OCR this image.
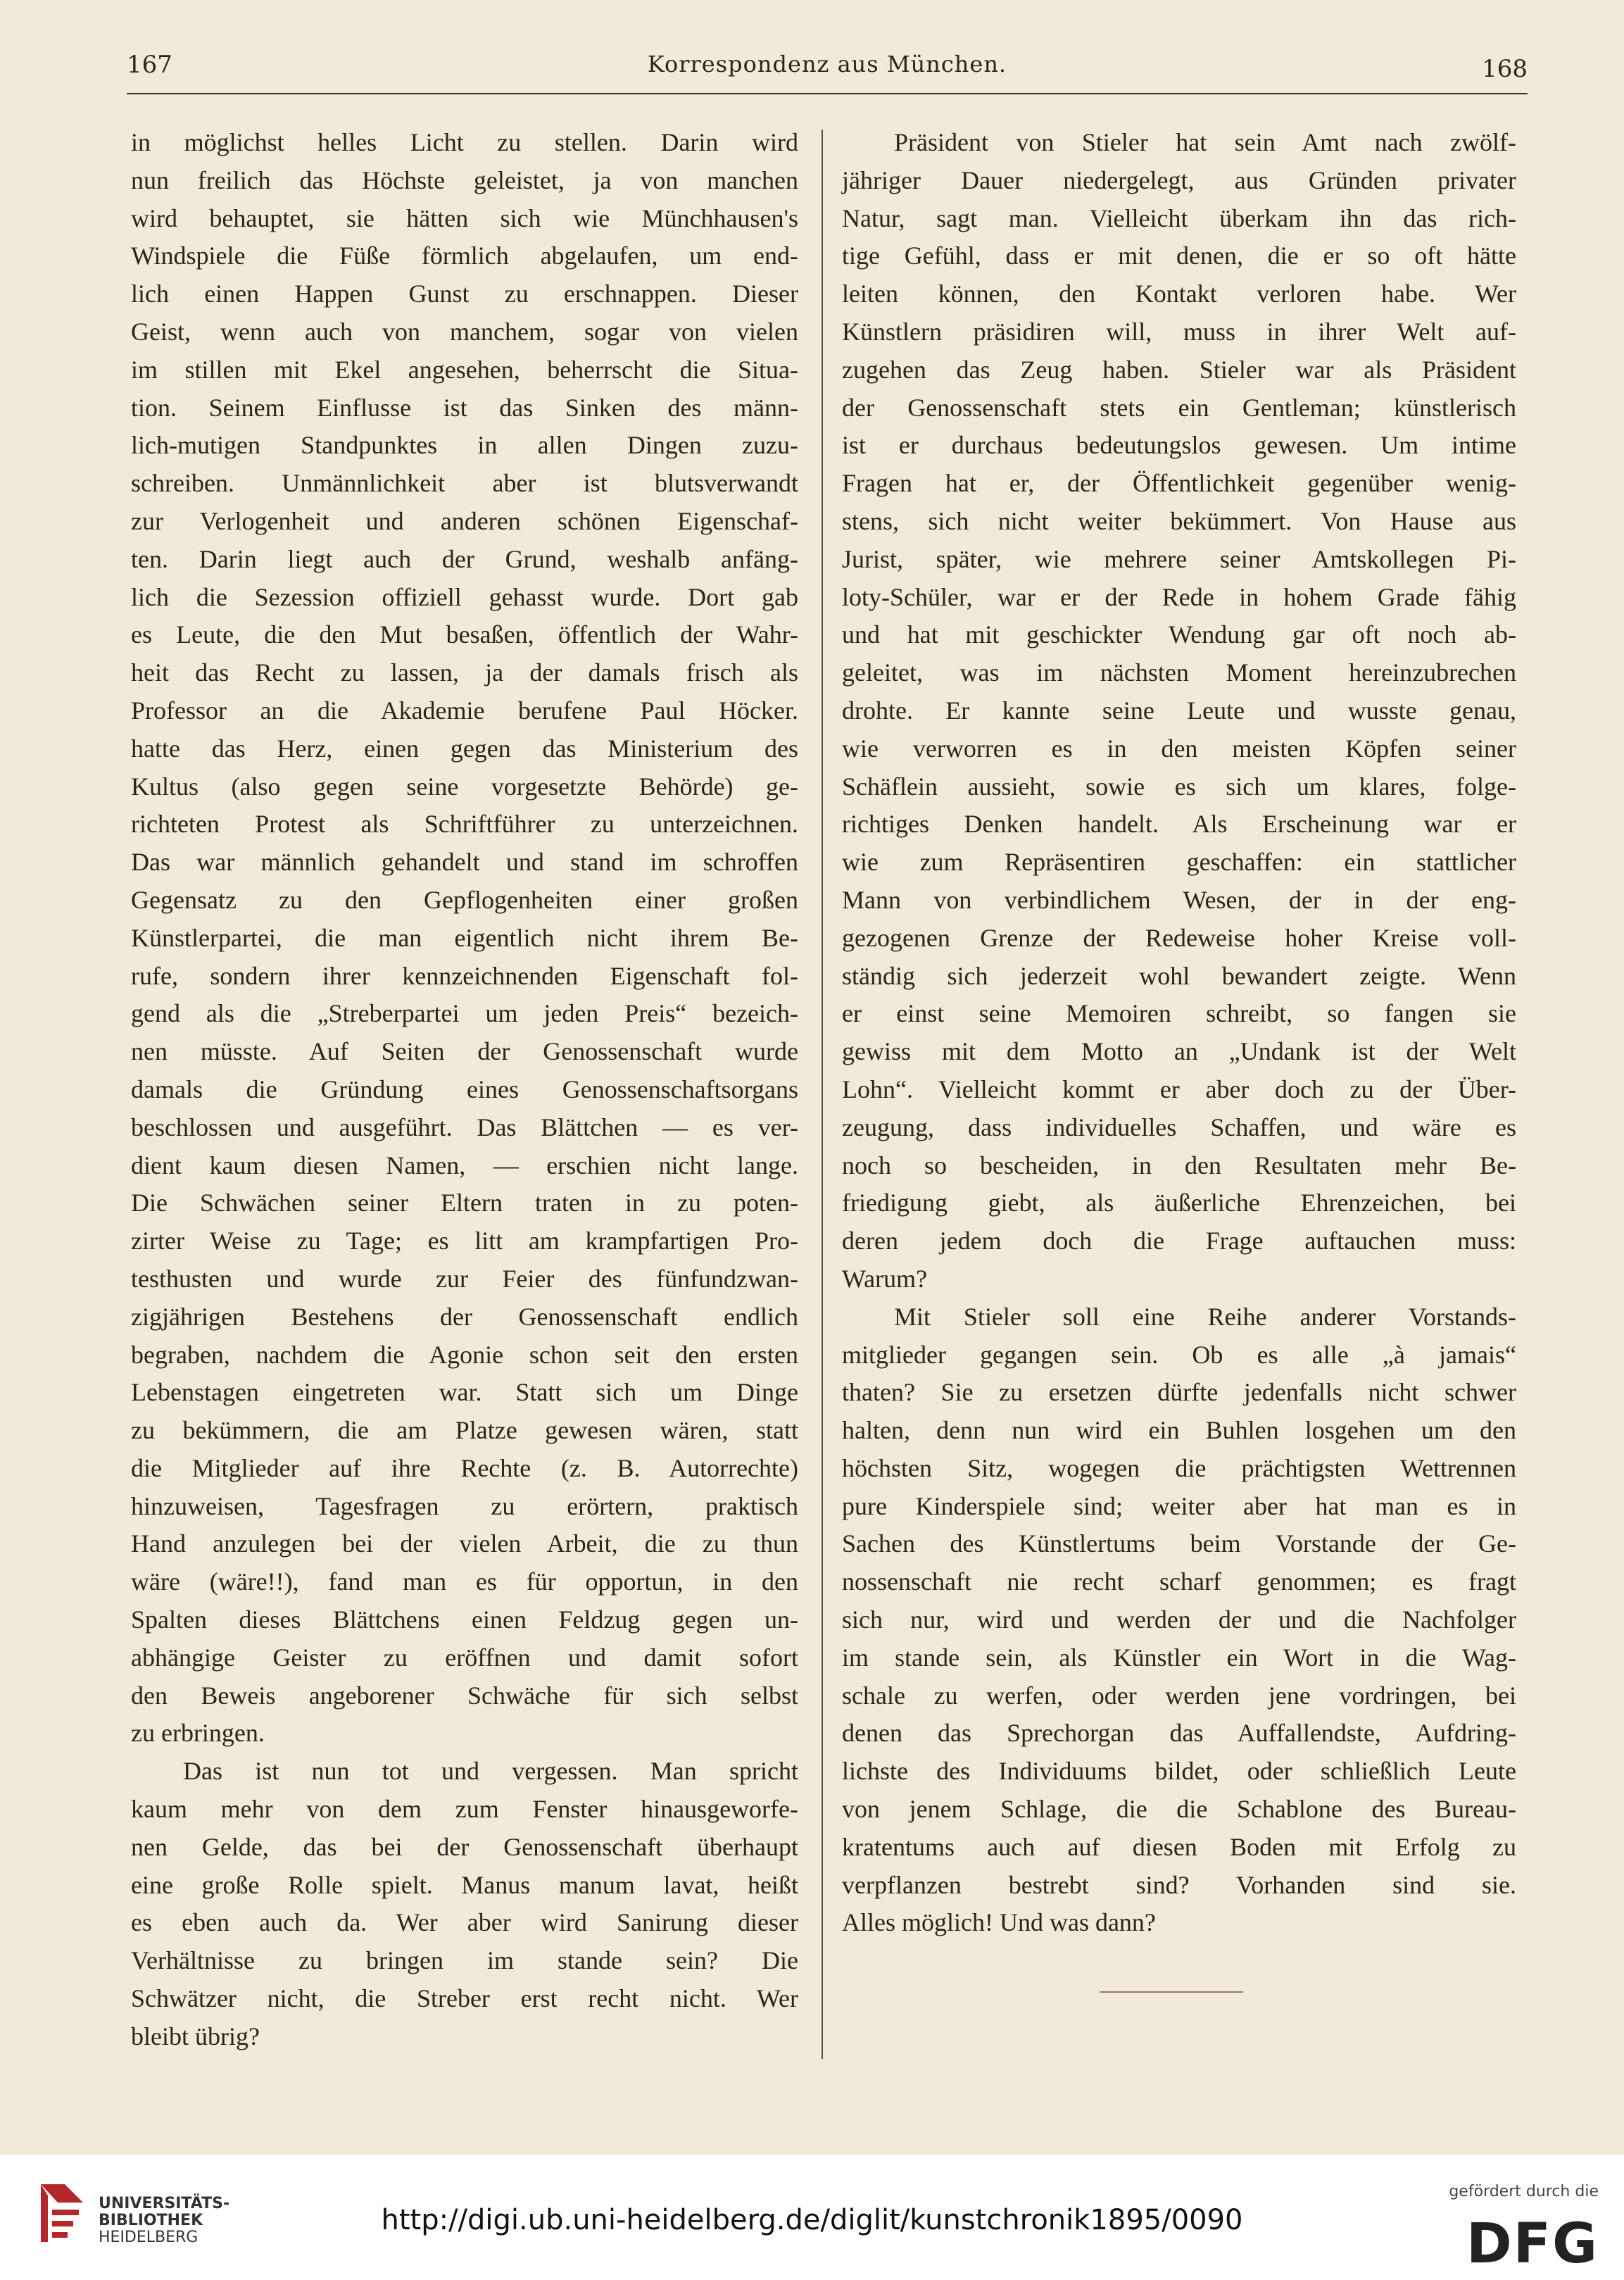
167	Korrespondenz aus München.	168
in möglichst helles Licht zu stellen. Darin wird
nun freilich das Höchste geleistet, ja von manchen
wird behauptet, sie hätten sich wie Münchhausen's
Windspiele die Füße förmlich abgelaufen, um end-
lich einen Happen Gunst zu erschnappen. Dieser
Geist, wenn auch von manchem, sogar von vielen
im stillen mit Ekel angesehen, beherrscht die Situa-
tion. Seinem Einflusse ist das Sinken des männ-
lich-mutigen Standpunktes in allen Dingen zuzu-
schreiben. Unmännlichkeit aber ist blutsverwandt
zur Verlogenheit und anderen schönen Eigenschaf-
ten. Darin liegt auch der Grund, weshalb anfäng-
lich die Sezession offiziell gehasst wurde. Dort gab
es Leute, die den Mut besaßen, öffentlich der Wahr-
heit das Recht zu lassen, ja der damals frisch als
Professor an die Akademie berufene Paul Höcker.
hatte das Herz, einen gegen das Ministerium des
Kultus (also gegen seine vorgesetzte Behörde) ge-
richteten Protest als Schriftführer zu unterzeichnen.
Das war männlich gehandelt und stand im schroffen
Gegensatz zu den Gepflogenheiten einer großen
Künstlerpartei, die man eigentlich nicht ihrem Be-
rufe, sondern ihrer kennzeichnenden Eigenschaft fol-
gend als die „Streberpartei um jeden Preis“ bezeich-
nen müsste. Auf Seiten der Genossenschaft wurde
damals die Gründung eines Genossenschaftsorgans
beschlossen und ausgeführt. Das Blättchen — es ver-
dient kaum diesen Namen, — erschien nicht lange.
Die Schwächen seiner Eltern traten in zu poten-
zirter Weise zu Tage; es litt am krampfartigen Pro-
testhusten und wurde zur Feier des fünfundzwan-
zigjährigen Bestehens der Genossenschaft endlich
begraben, nachdem die Agonie schon seit den ersten
Lebenstagen eingetreten war. Statt sich um Dinge
zu bekümmern, die am Platze gewesen wären, statt
die Mitglieder auf ihre Rechte (z. B. Autorrechte)
hinzuweisen, Tagesfragen zu erörtern, praktisch
Hand anzulegen bei der vielen Arbeit, die zu thun
wäre (wäre!!), fand man es für opportun, in den
Spalten dieses Blättchens einen Feldzug gegen un-
abhängige Geister zu eröffnen und damit sofort
den Beweis angeborener Schwäche für sich selbst
zu erbringen.
Das ist nun tot und vergessen. Man spricht
kaum mehr von dem zum Fenster hinausgeworfe-
nen Gelde, das bei der Genossenschaft überhaupt
eine große Rolle spielt. Manus manum lavat, heißt
es eben auch da. Wer aber wird Sanirung dieser
Verhältnisse zu bringen im stande sein? Die
Schwätzer nicht, die Streber erst recht nicht. Wer
bleibt übrig?
Präsident von Stieler hat sein Amt nach zwölf-
jähriger Dauer niedergelegt, aus Gründen privater
Natur, sagt man. Vielleicht überkam ihn das rich-
tige Gefühl, dass er mit denen, die er so oft hätte
leiten können, den Kontakt verloren habe. Wer
Künstlern präsidiren will, muss in ihrer Welt auf-
zugehen das Zeug haben. Stieler war als Präsident
der Genossenschaft stets ein Gentleman; künstlerisch
ist er durchaus bedeutungslos gewesen. Um intime
Fragen hat er, der Öffentlichkeit gegenüber wenig-
stens, sich nicht weiter bekümmert. Von Hause aus
Jurist, später, wie mehrere seiner Amtskollegen Pi-
loty-Schüler, war er der Rede in hohem Grade fähig
und hat mit geschickter Wendung gar oft noch ab-
geleitet, was im nächsten Moment hereinzubrechen
drohte. Er kannte seine Leute und wusste genau,
wie verworren es in den meisten Köpfen seiner
Schäflein aussieht, sowie es sich um klares, folge-
richtiges Denken handelt. Als Erscheinung war er
wie zum Repräsentiren geschaffen: ein stattlicher
Mann von verbindlichem Wesen, der in der eng-
gezogenen Grenze der Redeweise hoher Kreise voll-
ständig sich jederzeit wohl bewandert zeigte. Wenn
er einst seine Memoiren schreibt, so fangen sie
gewiss mit dem Motto an „Undank ist der Welt
Lohn“. Vielleicht kommt er aber doch zu der Über-
zeugung, dass individuelles Schaffen, und wäre es
noch so bescheiden, in den Resultaten mehr Be-
friedigung giebt, als äußerliche Ehrenzeichen, bei
deren jedem doch die Frage auftauchen muss:
Warum?
Mit Stieler soll eine Reihe anderer Vorstands-
mitglieder gegangen sein. Ob es alle „à jamais“
thaten? Sie zu ersetzen dürfte jedenfalls nicht schwer
halten, denn nun wird ein Buhlen losgehen um den
höchsten Sitz, wogegen die prächtigsten Wettrennen
pure Kinderspiele sind; weiter aber hat man es in
Sachen des Künstlertums beim Vorstande der Ge-
nossenschaft nie recht scharf genommen; es fragt
sich nur, wird und werden der und die Nachfolger
im stande sein, als Künstler ein Wort in die Wag-
schale zu werfen, oder werden jene vordringen, bei
denen das Sprechorgan das Auffallendste, Aufdring-
lichste des Individuums bildet, oder schließlich Leute
von jenem Schlage, die die Schablone des Bureau-
kratentums auch auf diesen Boden mit Erfolg zu
verpflanzen bestrebt sind? Vorhanden sind sie.
Alles möglich! Und was dann?
UNIVERSITÄTS-
BIBLIOTHEK
HEIDELBERG
http://digi.ub.uni-heidelberg.de/diglit/kunstchronik1895/0090
gefördert durch die
DFG
